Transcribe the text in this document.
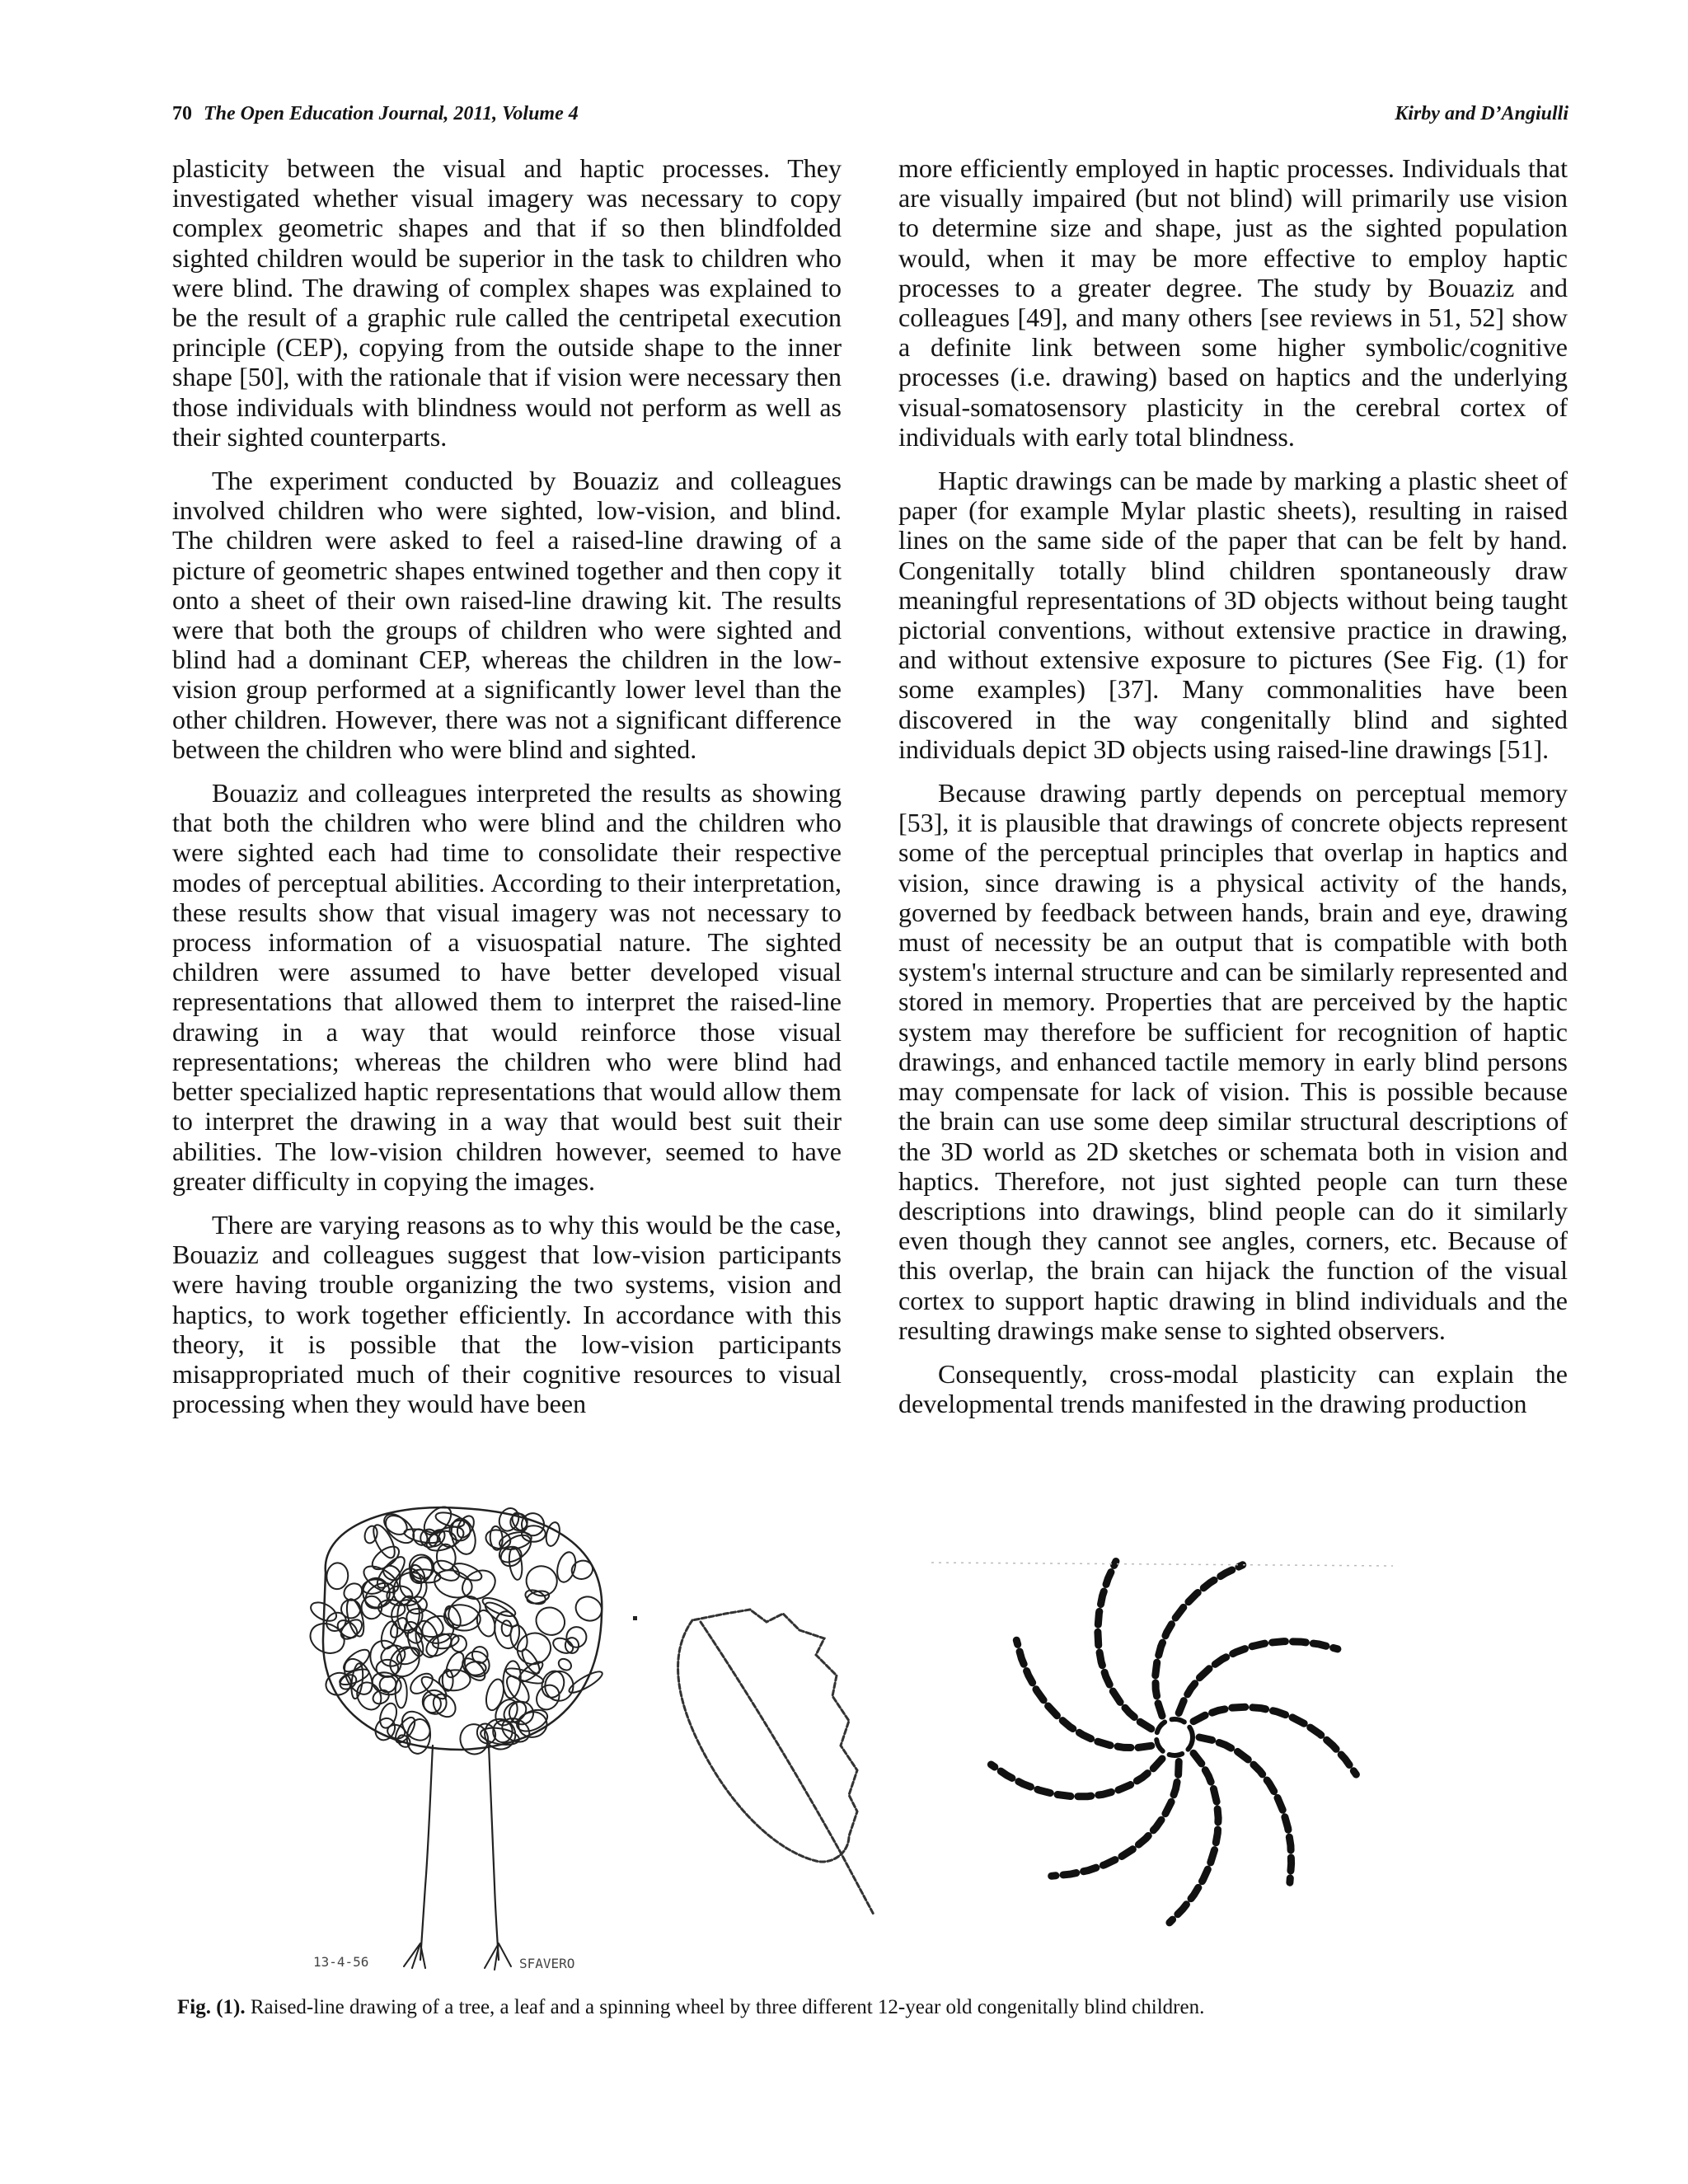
70 The Open Education Journal, 2011, Volume 4	Kirby and D’Angiulli

plasticity between the visual and haptic processes. They investigated whether visual imagery was necessary to copy complex geometric shapes and that if so then blindfolded sighted children would be superior in the task to children who were blind. The drawing of complex shapes was explained to be the result of a graphic rule called the centripetal execution principle (CEP), copying from the outside shape to the inner shape [50], with the rationale that if vision were necessary then those individuals with blindness would not perform as well as their sighted counterparts.

The experiment conducted by Bouaziz and colleagues involved children who were sighted, low-vision, and blind. The children were asked to feel a raised-line drawing of a picture of geometric shapes entwined together and then copy it onto a sheet of their own raised-line drawing kit. The results were that both the groups of children who were sighted and blind had a dominant CEP, whereas the children in the low-vision group performed at a significantly lower level than the other children. However, there was not a significant difference between the children who were blind and sighted.

Bouaziz and colleagues interpreted the results as showing that both the children who were blind and the children who were sighted each had time to consolidate their respective modes of perceptual abilities. According to their interpretation, these results show that visual imagery was not necessary to process information of a visuospatial nature. The sighted children were assumed to have better developed visual representations that allowed them to interpret the raised-line drawing in a way that would reinforce those visual representations; whereas the children who were blind had better specialized haptic representations that would allow them to interpret the drawing in a way that would best suit their abilities. The low-vision children however, seemed to have greater difficulty in copying the images.

There are varying reasons as to why this would be the case, Bouaziz and colleagues suggest that low-vision participants were having trouble organizing the two systems, vision and haptics, to work together efficiently. In accordance with this theory, it is possible that the low-vision participants misappropriated much of their cognitive resources to visual processing when they would have been

more efficiently employed in haptic processes. Individuals that are visually impaired (but not blind) will primarily use vision to determine size and shape, just as the sighted population would, when it may be more effective to employ haptic processes to a greater degree. The study by Bouaziz and colleagues [49], and many others [see reviews in 51, 52] show a definite link between some higher symbolic/cognitive processes (i.e. drawing) based on haptics and the underlying visual-somatosensory plasticity in the cerebral cortex of individuals with early total blindness.

Haptic drawings can be made by marking a plastic sheet of paper (for example Mylar plastic sheets), resulting in raised lines on the same side of the paper that can be felt by hand. Congenitally totally blind children spontaneously draw meaningful representations of 3D objects without being taught pictorial conventions, without extensive practice in drawing, and without extensive exposure to pictures (See Fig. (1) for some examples) [37]. Many commonalities have been discovered in the way congenitally blind and sighted individuals depict 3D objects using raised-line drawings [51].

Because drawing partly depends on perceptual memory [53], it is plausible that drawings of concrete objects represent some of the perceptual principles that overlap in haptics and vision, since drawing is a physical activity of the hands, governed by feedback between hands, brain and eye, drawing must of necessity be an output that is compatible with both system's internal structure and can be similarly represented and stored in memory. Properties that are perceived by the haptic system may therefore be sufficient for recognition of haptic drawings, and enhanced tactile memory in early blind persons may compensate for lack of vision. This is possible because the brain can use some deep similar structural descriptions of the 3D world as 2D sketches or schemata both in vision and haptics. Therefore, not just sighted people can turn these descriptions into drawings, blind people can do it similarly even though they cannot see angles, corners, etc. Because of this overlap, the brain can hijack the function of the visual cortex to support haptic drawing in blind individuals and the resulting drawings make sense to sighted observers.

Consequently, cross-modal plasticity can explain the developmental trends manifested in the drawing production

13-4-56	SFAVERO
Fig. (1). Raised-line drawing of a tree, a leaf and a spinning wheel by three different 12-year old congenitally blind children.
